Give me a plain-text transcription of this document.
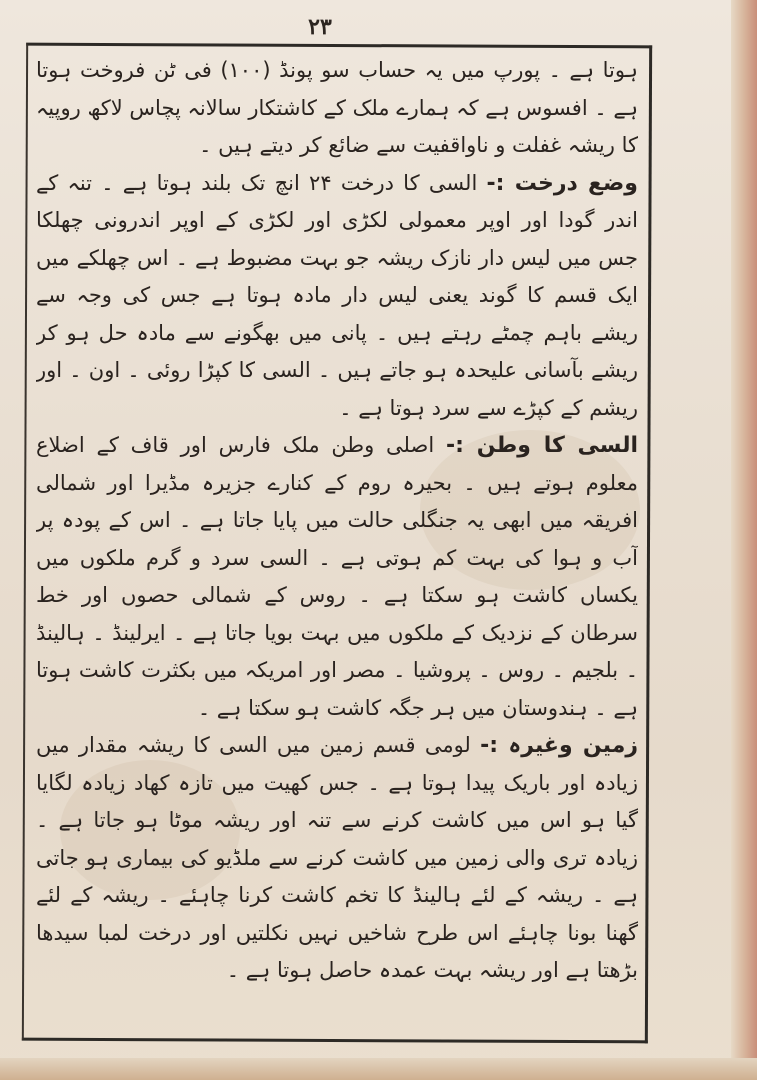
۲۳

ہوتا ہے ۔ پورپ میں یہ حساب سو پونڈ (۱۰۰) فی ٹن فروخت ہوتا ہے ۔ افسوس ہے کہ ہمارے ملک کے کاشتکار سالانہ پچاس لاکھ روپیہ کا ریشہ غفلت و ناواقفیت سے ضائع کر دیتے ہیں ۔

وضع درخت :- السی کا درخت ۲۴ انچ تک بلند ہوتا ہے ۔ تنہ کے اندر گودا اور اوپر معمولی لکڑی اور لکڑی کے اوپر اندرونی چھلکا جس میں لیس دار نازک ریشہ جو بہت مضبوط ہے ۔ اس چھلکے میں ایک قسم کا گوند یعنی لیس دار مادہ ہوتا ہے جس کی وجہ سے ریشے باہم چمٹے رہتے ہیں ۔ پانی میں بھگونے سے مادہ حل ہو کر ریشے بآسانی علیحدہ ہو جاتے ہیں ۔ السی کا کپڑا روئی ۔ اون ۔ اور ریشم کے کپڑے سے سرد ہوتا ہے ۔

السی کا وطن :- اصلی وطن ملک فارس اور قاف کے اضلاع معلوم ہوتے ہیں ۔ بحیرہ روم کے کنارے جزیرہ مڈیرا اور شمالی افریقہ میں ابھی یہ جنگلی حالت میں پایا جاتا ہے ۔ اس کے پودہ پر آب و ہوا کی بہت کم ہوتی ہے ۔ السی سرد و گرم ملکوں میں یکساں کاشت ہو سکتا ہے ۔ روس کے شمالی حصوں اور خط سرطان کے نزدیک کے ملکوں میں بہت بویا جاتا ہے ۔ ایرلینڈ ۔ ہالینڈ ۔ بلجیم ۔ روس ۔ پروشیا ۔ مصر اور امریکہ میں بکثرت کاشت ہوتا ہے ۔ ہندوستان میں ہر جگہ کاشت ہو سکتا ہے ۔

زمین وغیرہ :- لومی قسم زمین میں السی کا ریشہ مقدار میں زیادہ اور باریک پیدا ہوتا ہے ۔ جس کھیت میں تازہ کھاد زیادہ لگایا گیا ہو اس میں کاشت کرنے سے تنہ اور ریشہ موٹا ہو جاتا ہے ۔ زیادہ تری والی زمین میں کاشت کرنے سے ملڈیو کی بیماری ہو جاتی ہے ۔ ریشہ کے لئے ہالینڈ کا تخم کاشت کرنا چاہئے ۔ ریشہ کے لئے گھنا بونا چاہئے اس طرح شاخیں نہیں نکلتیں اور درخت لمبا سیدھا بڑھتا ہے اور ریشہ بہت عمدہ حاصل ہوتا ہے ۔
